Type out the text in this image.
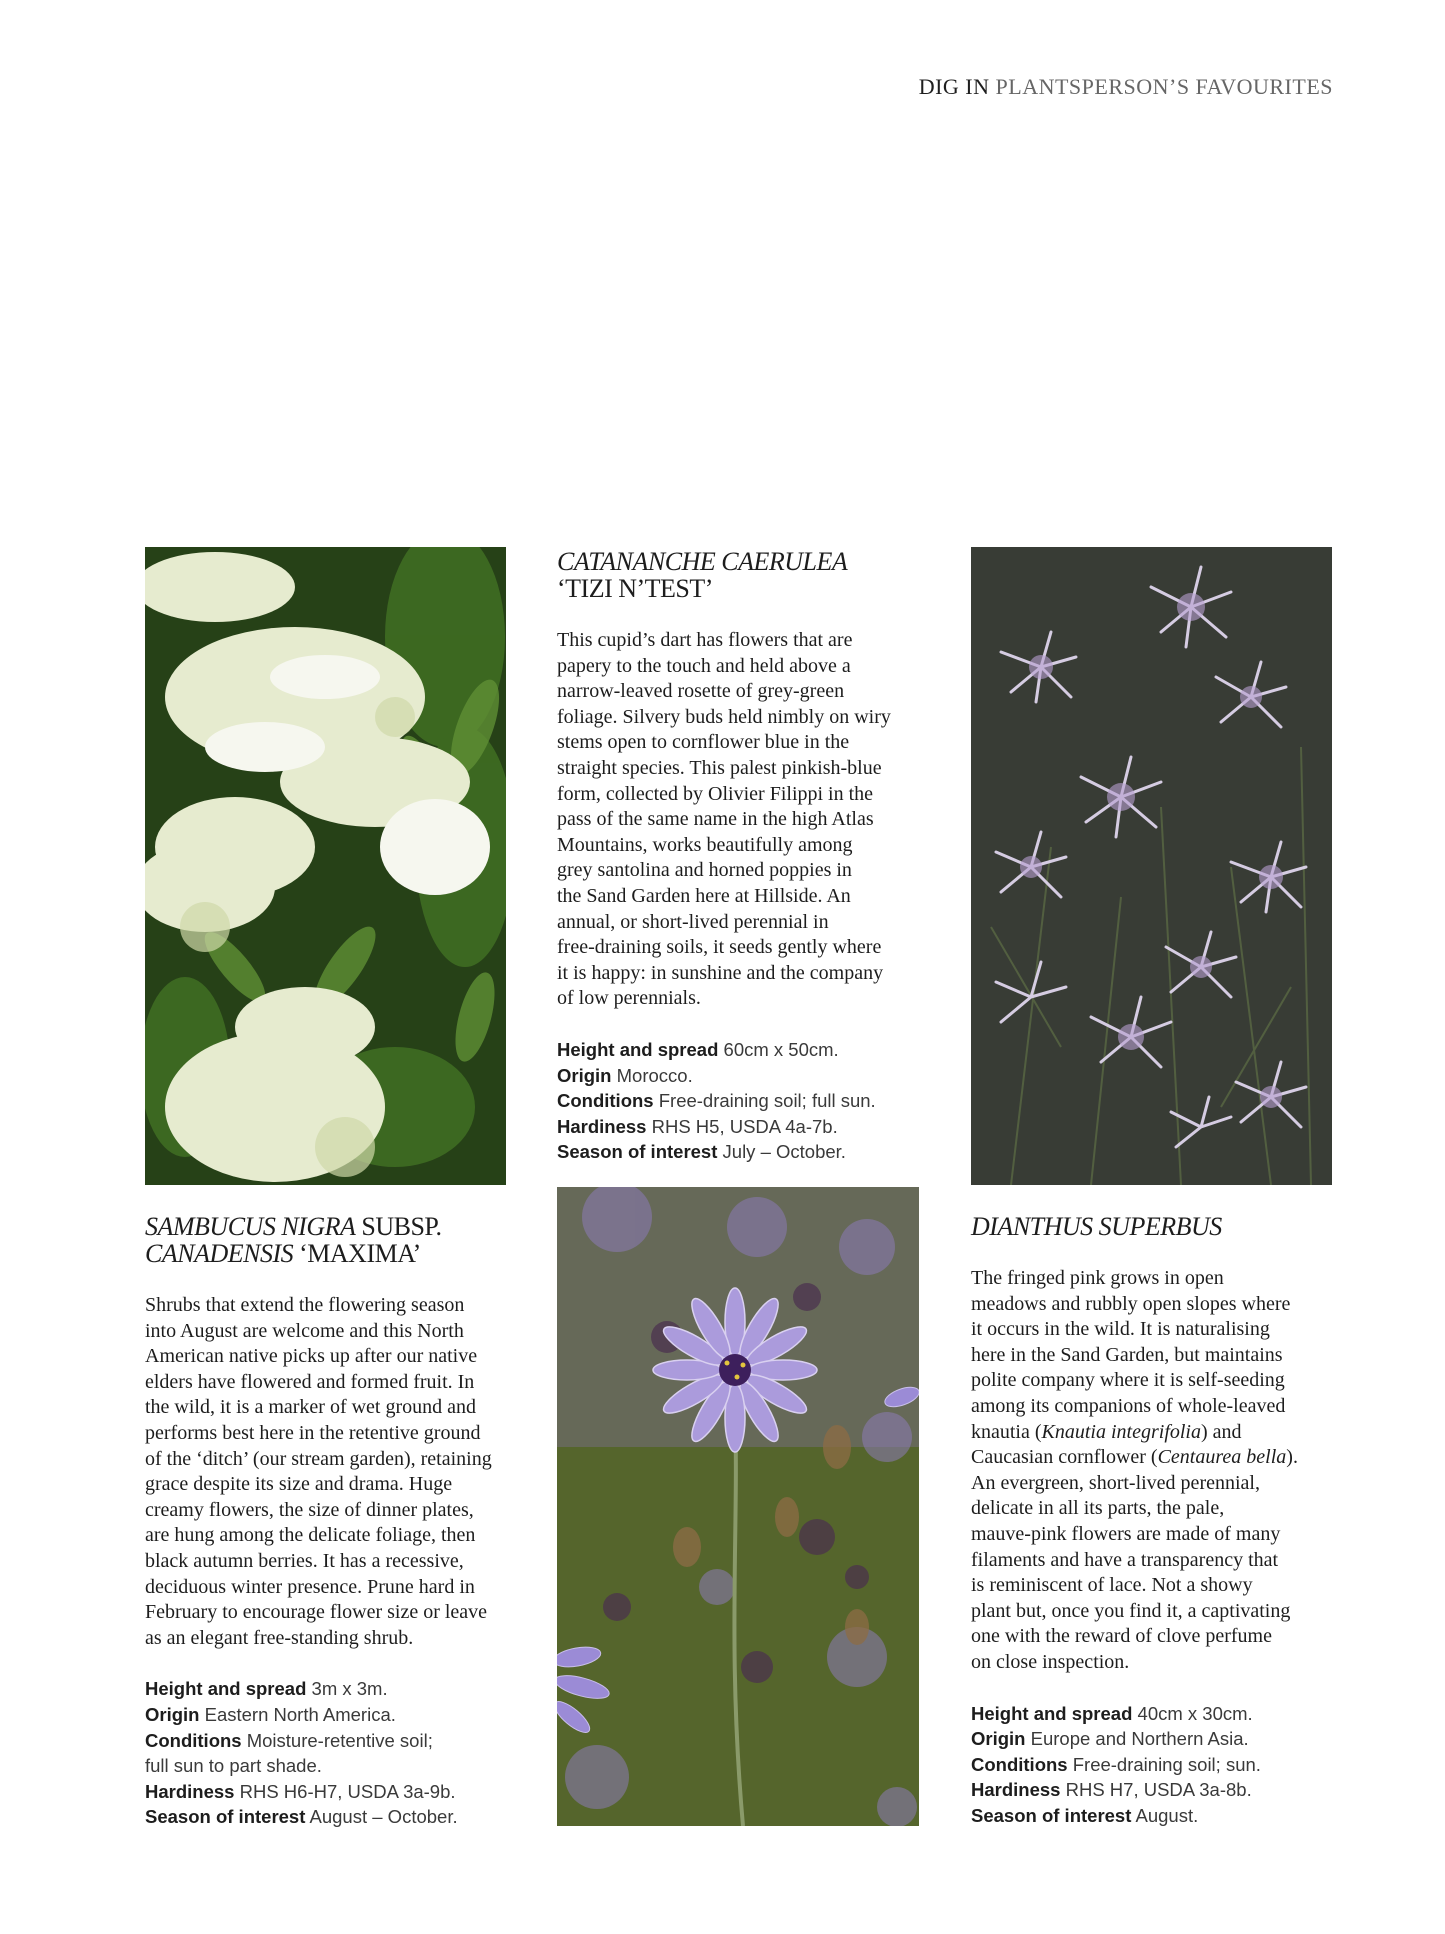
DIG IN PLANTSPERSON’S FAVOURITES
CATANANCHE CAERULEA
‘TIZI N’TEST’
This cupid’s dart has flowers that are
papery to the touch and held above a
narrow-leaved rosette of grey-green
foliage. Silvery buds held nimbly on wiry
stems open to cornflower blue in the
straight species. This palest pinkish-blue
form, collected by Olivier Filippi in the
pass of the same name in the high Atlas
Mountains, works beautifully among
grey santolina and horned poppies in
the Sand Garden here at Hillside. An
annual, or short-lived perennial in
free-draining soils, it seeds gently where
it is happy: in sunshine and the company
of low perennials.
Height and spread 60cm x 50cm.
Origin Morocco.
Conditions Free-draining soil; full sun.
Hardiness RHS H5, USDA 4a-7b.
Season of interest July – October.
SAMBUCUS NIGRA SUBSP.
CANADENSIS ‘MAXIMA’
Shrubs that extend the flowering season
into August are welcome and this North
American native picks up after our native
elders have flowered and formed fruit. In
the wild, it is a marker of wet ground and
performs best here in the retentive ground
of the ‘ditch’ (our stream garden), retaining
grace despite its size and drama. Huge
creamy flowers, the size of dinner plates,
are hung among the delicate foliage, then
black autumn berries. It has a recessive,
deciduous winter presence. Prune hard in
February to encourage flower size or leave
as an elegant free-standing shrub.
Height and spread 3m x 3m.
Origin Eastern North America.
Conditions Moisture-retentive soil;
full sun to part shade.
Hardiness RHS H6-H7, USDA 3a-9b.
Season of interest August – October.
DIANTHUS SUPERBUS
The fringed pink grows in open
meadows and rubbly open slopes where
it occurs in the wild. It is naturalising
here in the Sand Garden, but maintains
polite company where it is self-seeding
among its companions of whole-leaved
knautia (Knautia integrifolia) and
Caucasian cornflower (Centaurea bella).
An evergreen, short-lived perennial,
delicate in all its parts, the pale,
mauve-pink flowers are made of many
filaments and have a transparency that
is reminiscent of lace. Not a showy
plant but, once you find it, a captivating
one with the reward of clove perfume
on close inspection.
Height and spread 40cm x 30cm.
Origin Europe and Northern Asia.
Conditions Free-draining soil; sun.
Hardiness RHS H7, USDA 3a-8b.
Season of interest August.
